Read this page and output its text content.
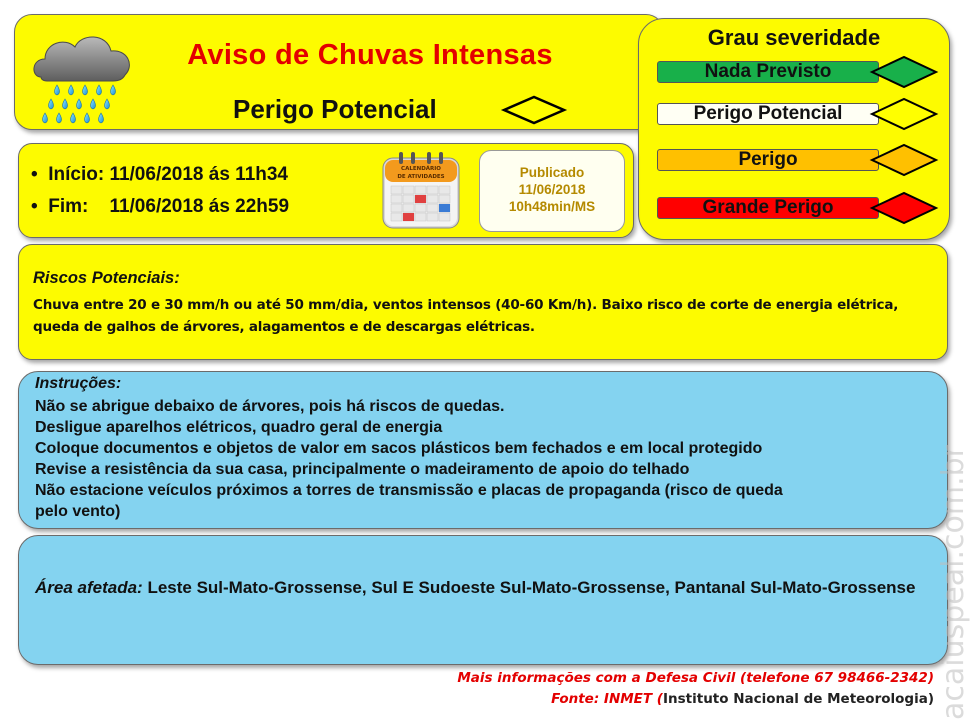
Aviso de Chuvas Intensas
Perigo Potencial
Grau severidade
Nada Previsto
Perigo Potencial
Perigo
Grande Perigo
•  Início: 11/06/2018 ás 11h34
•  Fim:    11/06/2018 ás 22h59
CALENDÁRIO
DE ATIVIDADES	Publicado
11/06/2018
10h48min/MS
Riscos Potenciais:
Chuva entre 20 e 30 mm/h ou até 50 mm/dia, ventos intensos (40-60 Km/h). Baixo risco de corte de energia elétrica, queda de galhos de árvores, alagamentos e de descargas elétricas.
Instruções:
Não se abrigue debaixo de árvores, pois há riscos de quedas.
Desligue aparelhos elétricos, quadro geral de energia
Coloque documentos e objetos de valor em sacos plásticos bem fechados e em local protegido
Revise a resistência da sua casa, principalmente o madeiramento de apoio do telhado
Não estacione veículos próximos a torres de transmissão e placas de propaganda (risco de queda
pelo vento)
Área afetada: Leste Sul-Mato-Grossense, Sul E Sudoeste Sul-Mato-Grossense, Pantanal Sul-Mato-Grossense
Mais informações com a Defesa Civil (telefone 67 98466-2342)
Fonte: INMET (Instituto Nacional de Meteorologia) acaiuspeal.com.br
